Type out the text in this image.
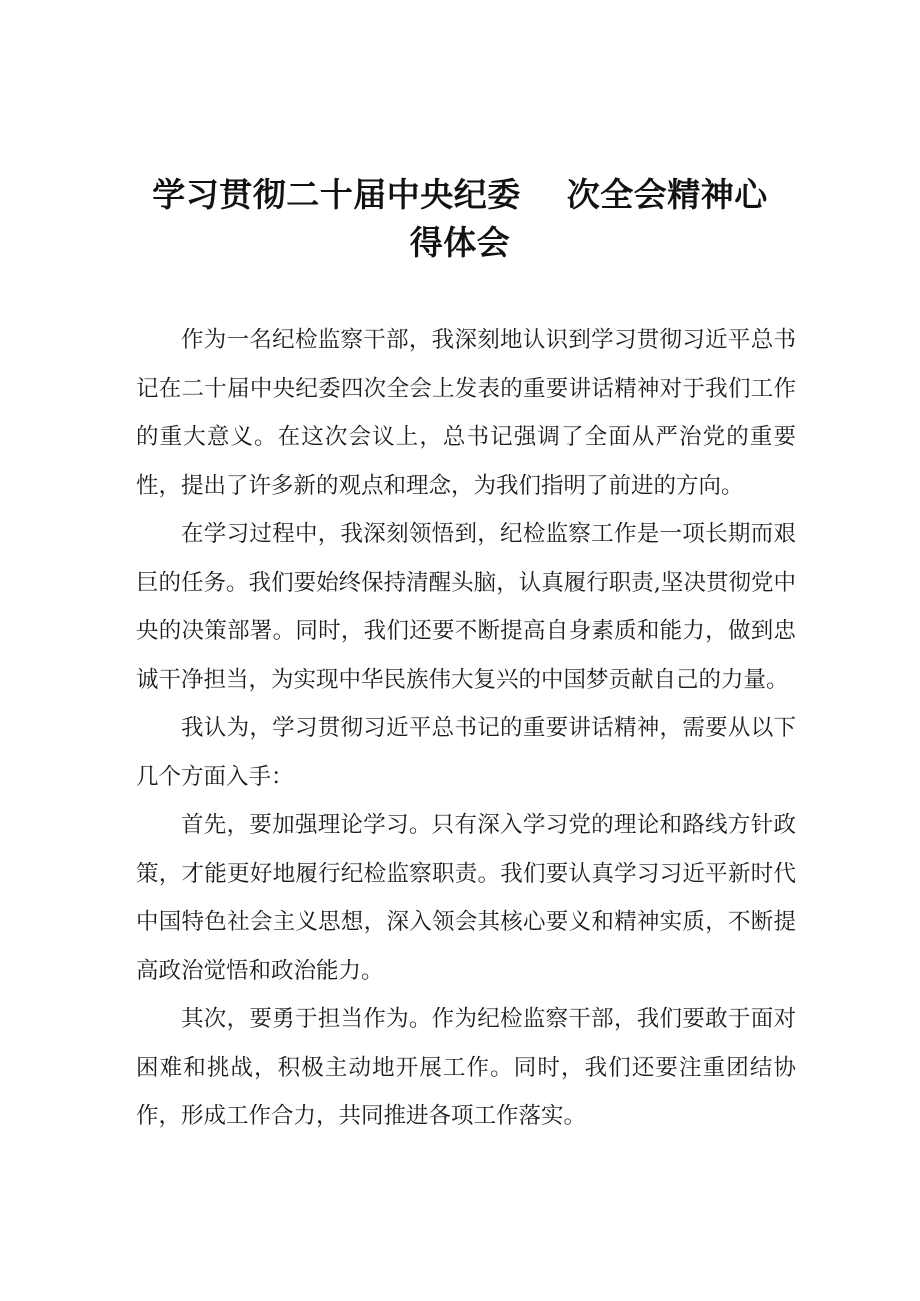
学习贯彻二十届中央纪委 次全会精神心
得体会

作为一名纪检监察干部，我深刻地认识到学习贯彻习近平总书记在二十届中央纪委四次全会上发表的重要讲话精神对于我们工作的重大意义。在这次会议上，总书记强调了全面从严治党的重要性，提出了许多新的观点和理念，为我们指明了前进的方向。

在学习过程中，我深刻领悟到，纪检监察工作是一项长期而艰巨的任务。我们要始终保持清醒头脑，认真履行职责,坚决贯彻党中央的决策部署。同时，我们还要不断提高自身素质和能力，做到忠诚干净担当，为实现中华民族伟大复兴的中国梦贡献自己的力量。

我认为，学习贯彻习近平总书记的重要讲话精神，需要从以下几个方面入手：

首先，要加强理论学习。只有深入学习党的理论和路线方针政策，才能更好地履行纪检监察职责。我们要认真学习习近平新时代中国特色社会主义思想，深入领会其核心要义和精神实质，不断提高政治觉悟和政治能力。

其次，要勇于担当作为。作为纪检监察干部，我们要敢于面对困难和挑战，积极主动地开展工作。同时，我们还要注重团结协作，形成工作合力，共同推进各项工作落实。
